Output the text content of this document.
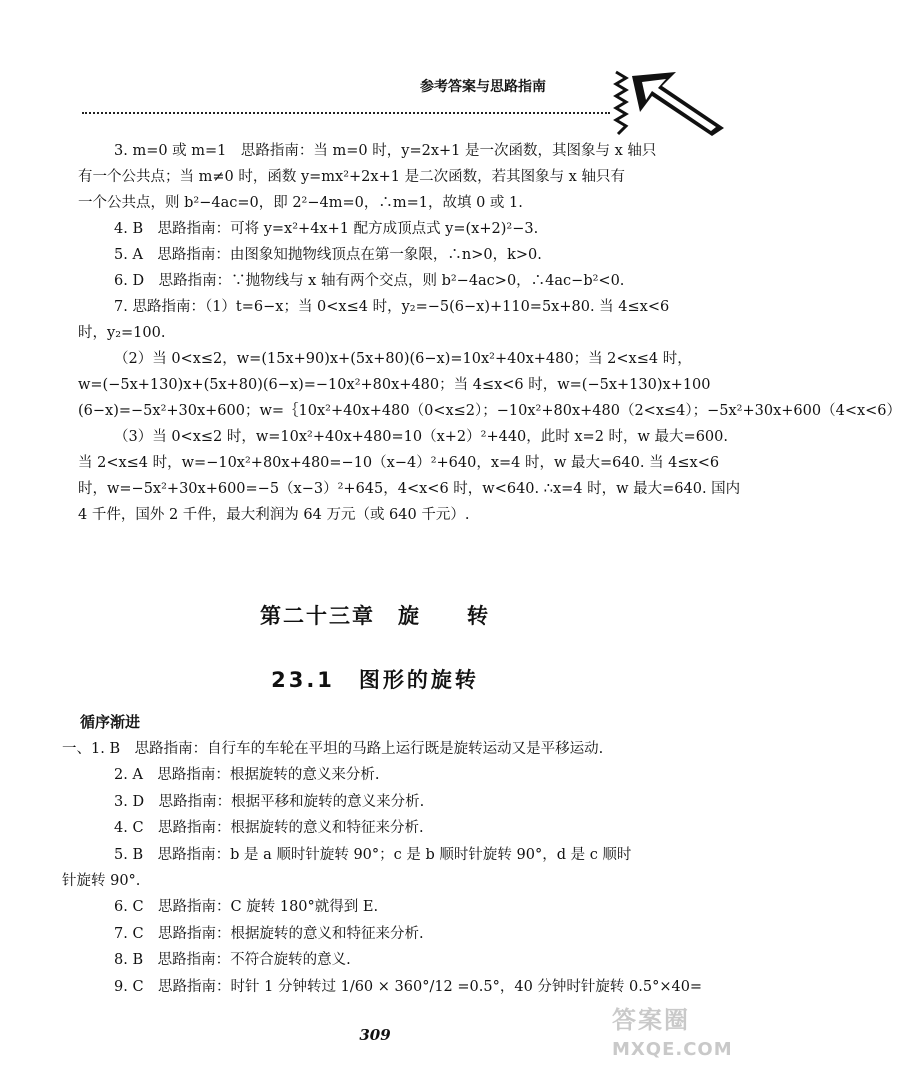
参考答案与思路指南
3. m=0 或 m=1　思路指南：当 m=0 时，y=2x+1 是一次函数，其图象与 x 轴只
有一个公共点；当 m≠0 时，函数 y=mx²+2x+1 是二次函数，若其图象与 x 轴只有
一个公共点，则 b²−4ac=0，即 2²−4m=0，∴m=1，故填 0 或 1.
4. B　思路指南：可将 y=x²+4x+1 配方成顶点式 y=(x+2)²−3.
5. A　思路指南：由图象知抛物线顶点在第一象限，∴n>0，k>0.
6. D　思路指南：∵抛物线与 x 轴有两个交点，则 b²−4ac>0，∴4ac−b²<0.
7. 思路指南：（1）t=6−x；当 0<x≤4 时，y₂=−5(6−x)+110=5x+80. 当 4≤x<6
时，y₂=100.
（2）当 0<x≤2，w=(15x+90)x+(5x+80)(6−x)=10x²+40x+480；当 2<x≤4 时，
w=(−5x+130)x+(5x+80)(6−x)=−10x²+80x+480；当 4≤x<6 时，w=(−5x+130)x+100
(6−x)=−5x²+30x+600；w=｛10x²+40x+480（0<x≤2）；−10x²+80x+480（2<x≤4）；−5x²+30x+600（4<x<6）
（3）当 0<x≤2 时，w=10x²+40x+480=10（x+2）²+440，此时 x=2 时，w 最大=600.
当 2<x≤4 时，w=−10x²+80x+480=−10（x−4）²+640，x=4 时，w 最大=640. 当 4≤x<6
时，w=−5x²+30x+600=−5（x−3）²+645，4<x<6 时，w<640. ∴x=4 时，w 最大=640. 国内
4 千件，国外 2 千件，最大利润为 64 万元（或 640 千元）.
第二十三章　旋　　转
23.1　图形的旋转
循序渐进
一、1. B　思路指南：自行车的车轮在平坦的马路上运行既是旋转运动又是平移运动.
2. A　思路指南：根据旋转的意义来分析.
3. D　思路指南：根据平移和旋转的意义来分析.
4. C　思路指南：根据旋转的意义和特征来分析.
5. B　思路指南：b 是 a 顺时针旋转 90°；c 是 b 顺时针旋转 90°，d 是 c 顺时
针旋转 90°.
6. C　思路指南：C 旋转 180°就得到 E.
7. C　思路指南：根据旋转的意义和特征来分析.
8. B　思路指南：不符合旋转的意义.
9. C　思路指南：时针 1 分钟转过 1/60 × 360°/12 =0.5°，40 分钟时针旋转 0.5°×40=
309
答案圈
MXQE.COM
